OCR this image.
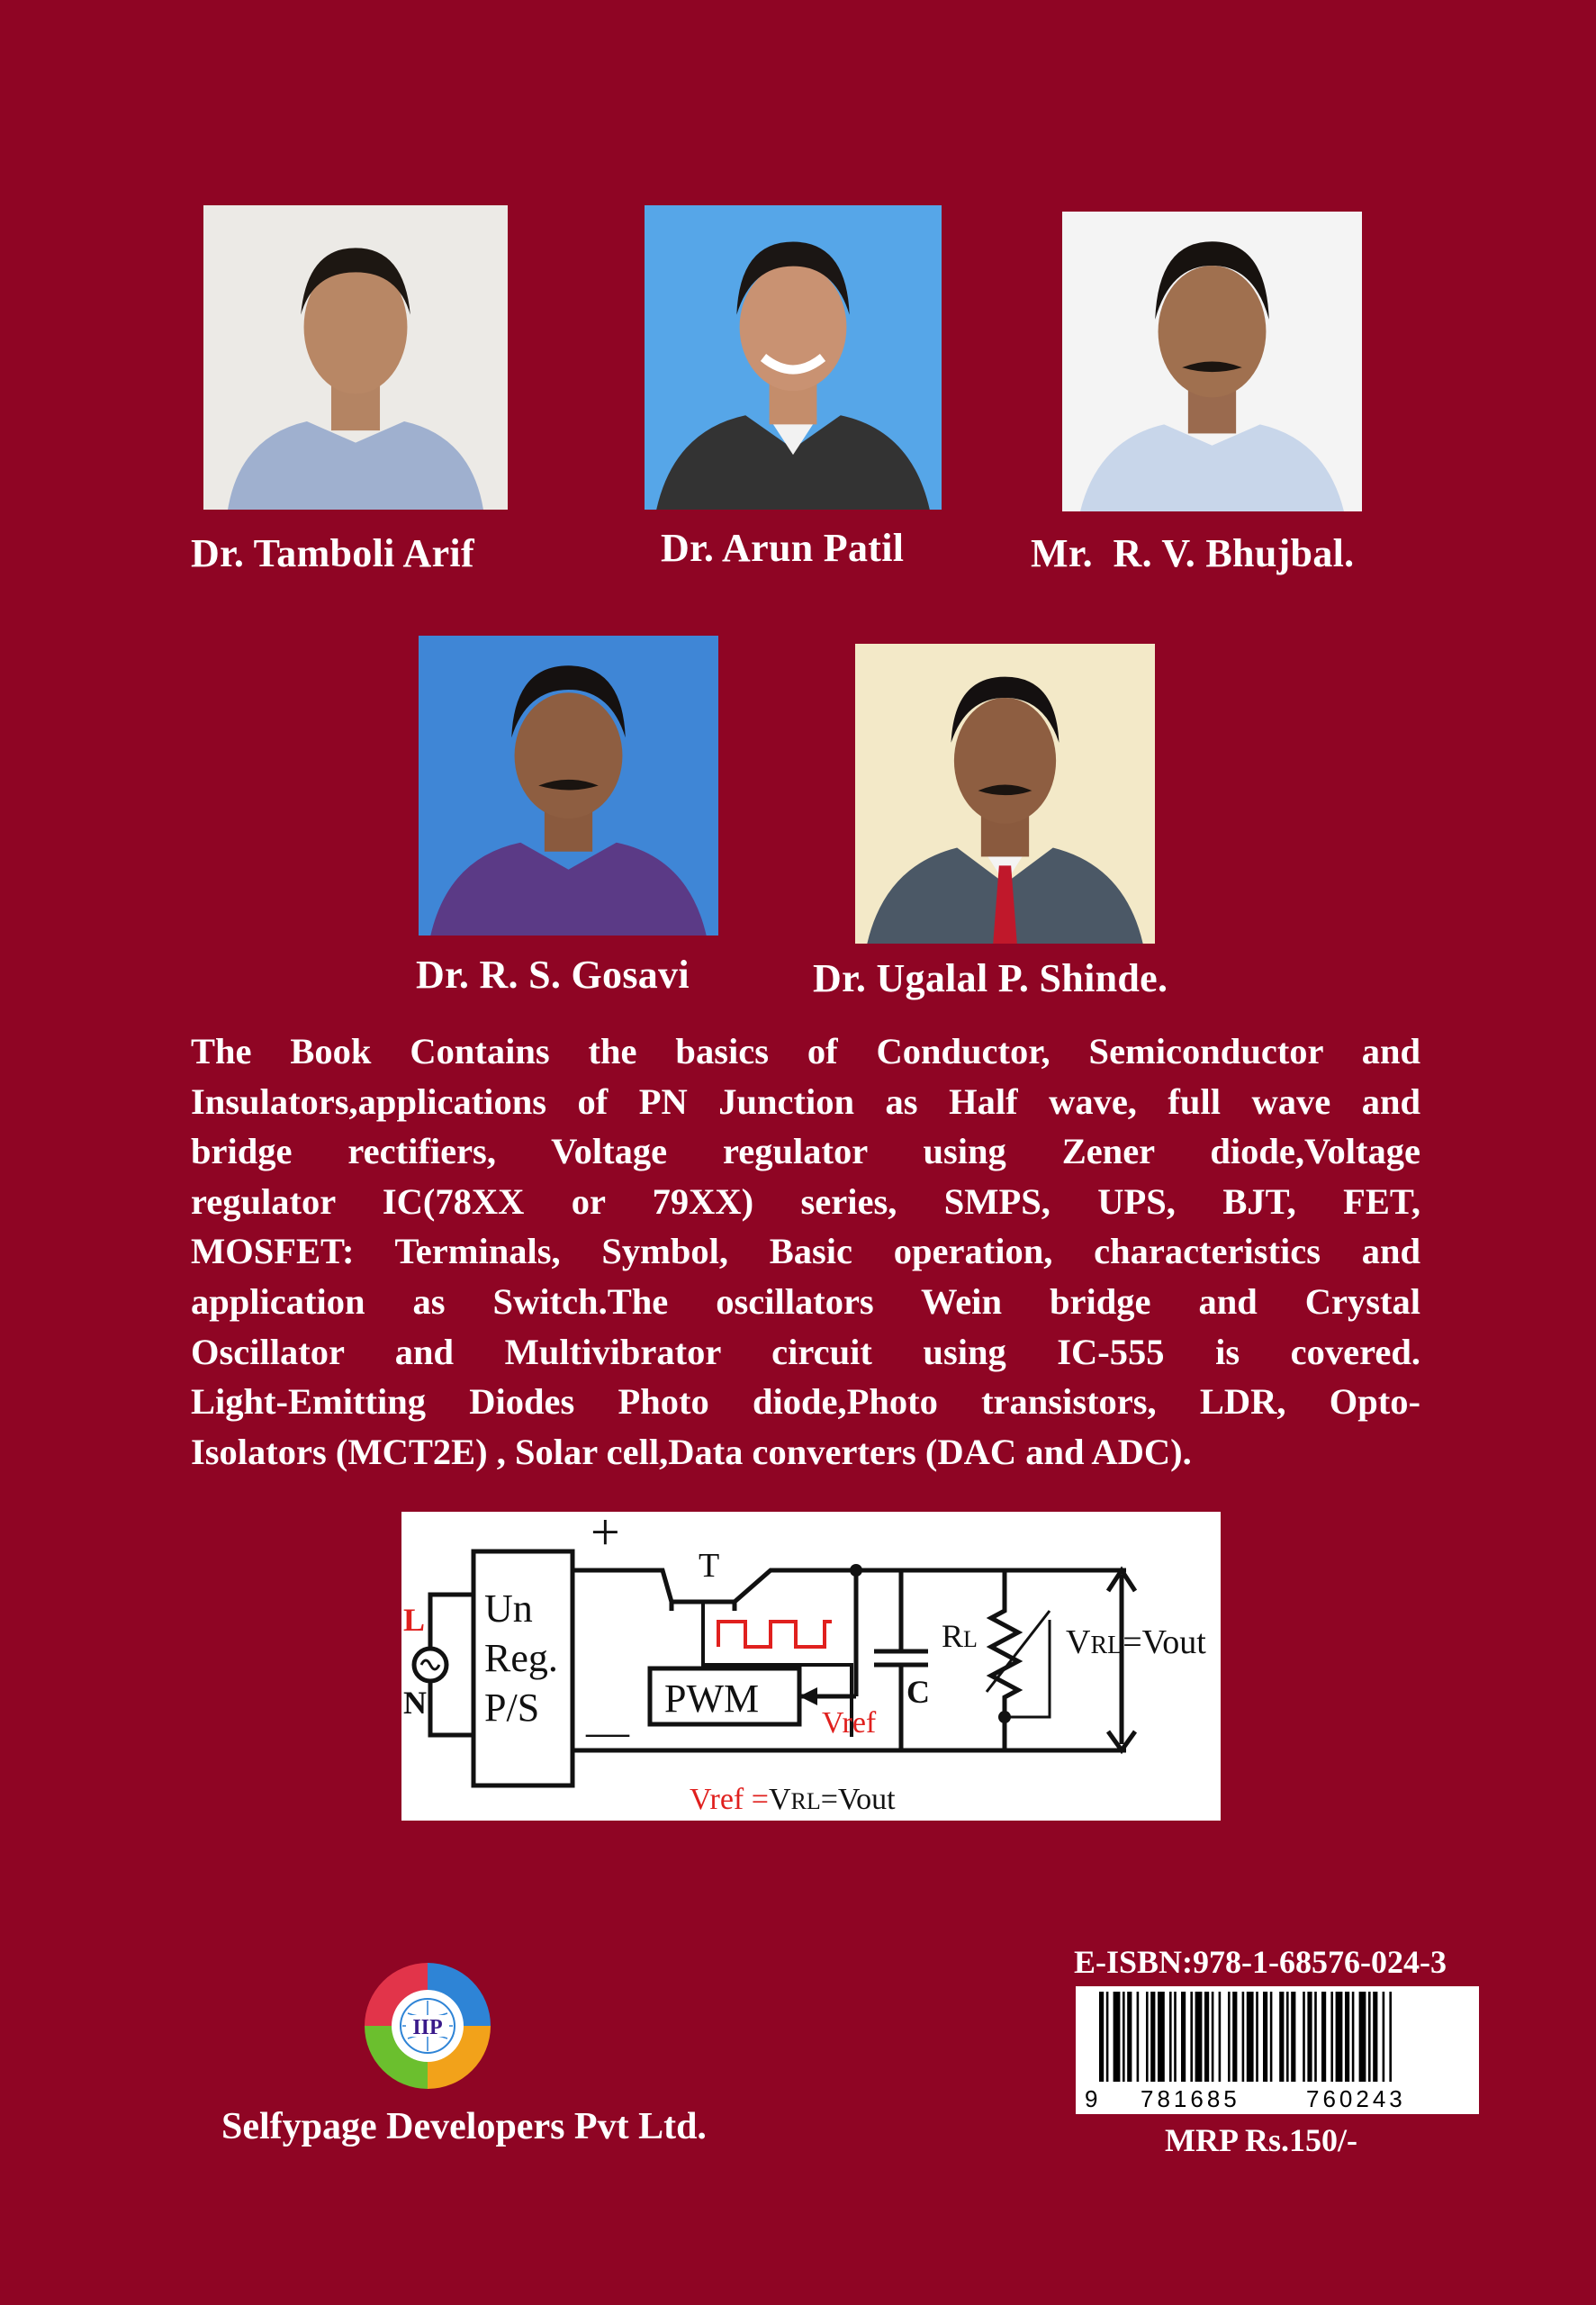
Dr. Tamboli Arif	Dr. Arun Patil	Mr.  R. V. Bhujbal.
Dr. R. S. Gosavi	Dr. Ugalal P. Shinde.

The Book Contains the basics of Conductor, Semiconductor and

Insulators,applications of PN Junction as Half wave, full wave and

bridge rectifiers, Voltage regulator using Zener diode,Voltage

regulator IC(78XX or 79XX) series, SMPS, UPS, BJT, FET,

MOSFET: Terminals, Symbol, Basic operation, characteristics and

application as Switch.The oscillators Wein bridge and Crystal

Oscillator and Multivibrator circuit using IC-555 is covered.

Light-Emitting Diodes Photo diode,Photo transistors, LDR, Opto-

Isolators (MCT2E) , Solar cell,Data converters (DAC and ADC).

+
—
T
L
N
Un
Reg.
P/S	PWM
Vref
C
RL	VRL=Vout
Vref =VRL=Vout
IIP
Selfypage Developers Pvt Ltd.
E-ISBN:978-1-68576-024-3
9 781685	760243
MRP Rs.150/-
